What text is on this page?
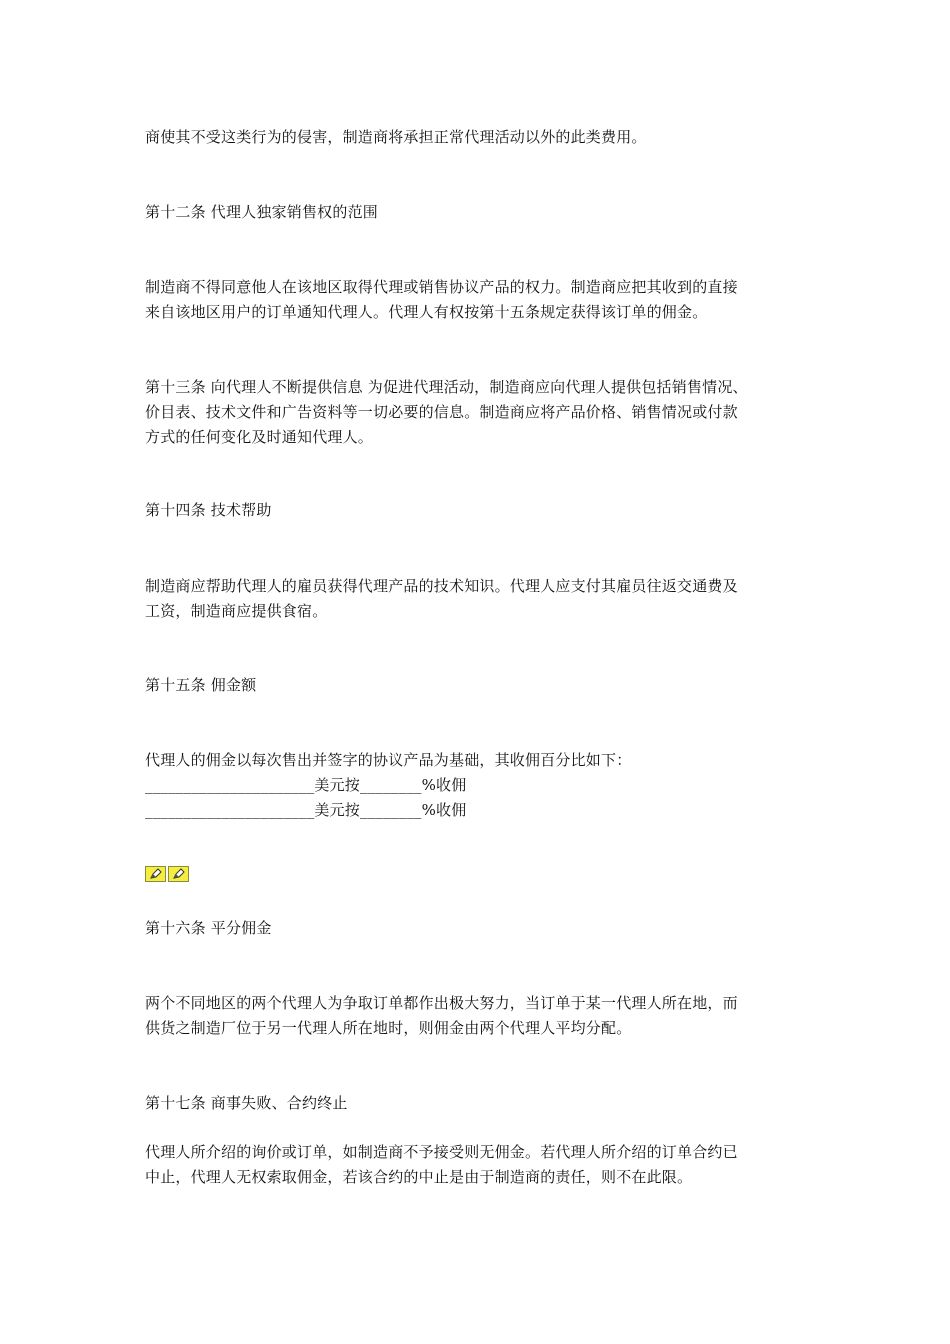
商使其不受这类行为的侵害，制造商将承担正常代理活动以外的此类费用。
第十二条 代理人独家销售权的范围
制造商不得同意他人在该地区取得代理或销售协议产品的权力。制造商应把其收到的直接
来自该地区用户的订单通知代理人。代理人有权按第十五条规定获得该订单的佣金。
第十三条 向代理人不断提供信息 为促进代理活动，制造商应向代理人提供包括销售情况、
价目表、技术文件和广告资料等一切必要的信息。制造商应将产品价格、销售情况或付款
方式的任何变化及时通知代理人。
第十四条 技术帮助
制造商应帮助代理人的雇员获得代理产品的技术知识。代理人应支付其雇员往返交通费及
工资，制造商应提供食宿。
第十五条 佣金额
代理人的佣金以每次售出并签字的协议产品为基础，其收佣百分比如下：
______________________美元按________%收佣
______________________美元按________%收佣
第十六条 平分佣金
两个不同地区的两个代理人为争取订单都作出极大努力，当订单于某一代理人所在地，而
供货之制造厂位于另一代理人所在地时，则佣金由两个代理人平均分配。
第十七条 商事失败、合约终止
代理人所介绍的询价或订单，如制造商不予接受则无佣金。若代理人所介绍的订单合约已
中止，代理人无权索取佣金，若该合约的中止是由于制造商的责任，则不在此限。
